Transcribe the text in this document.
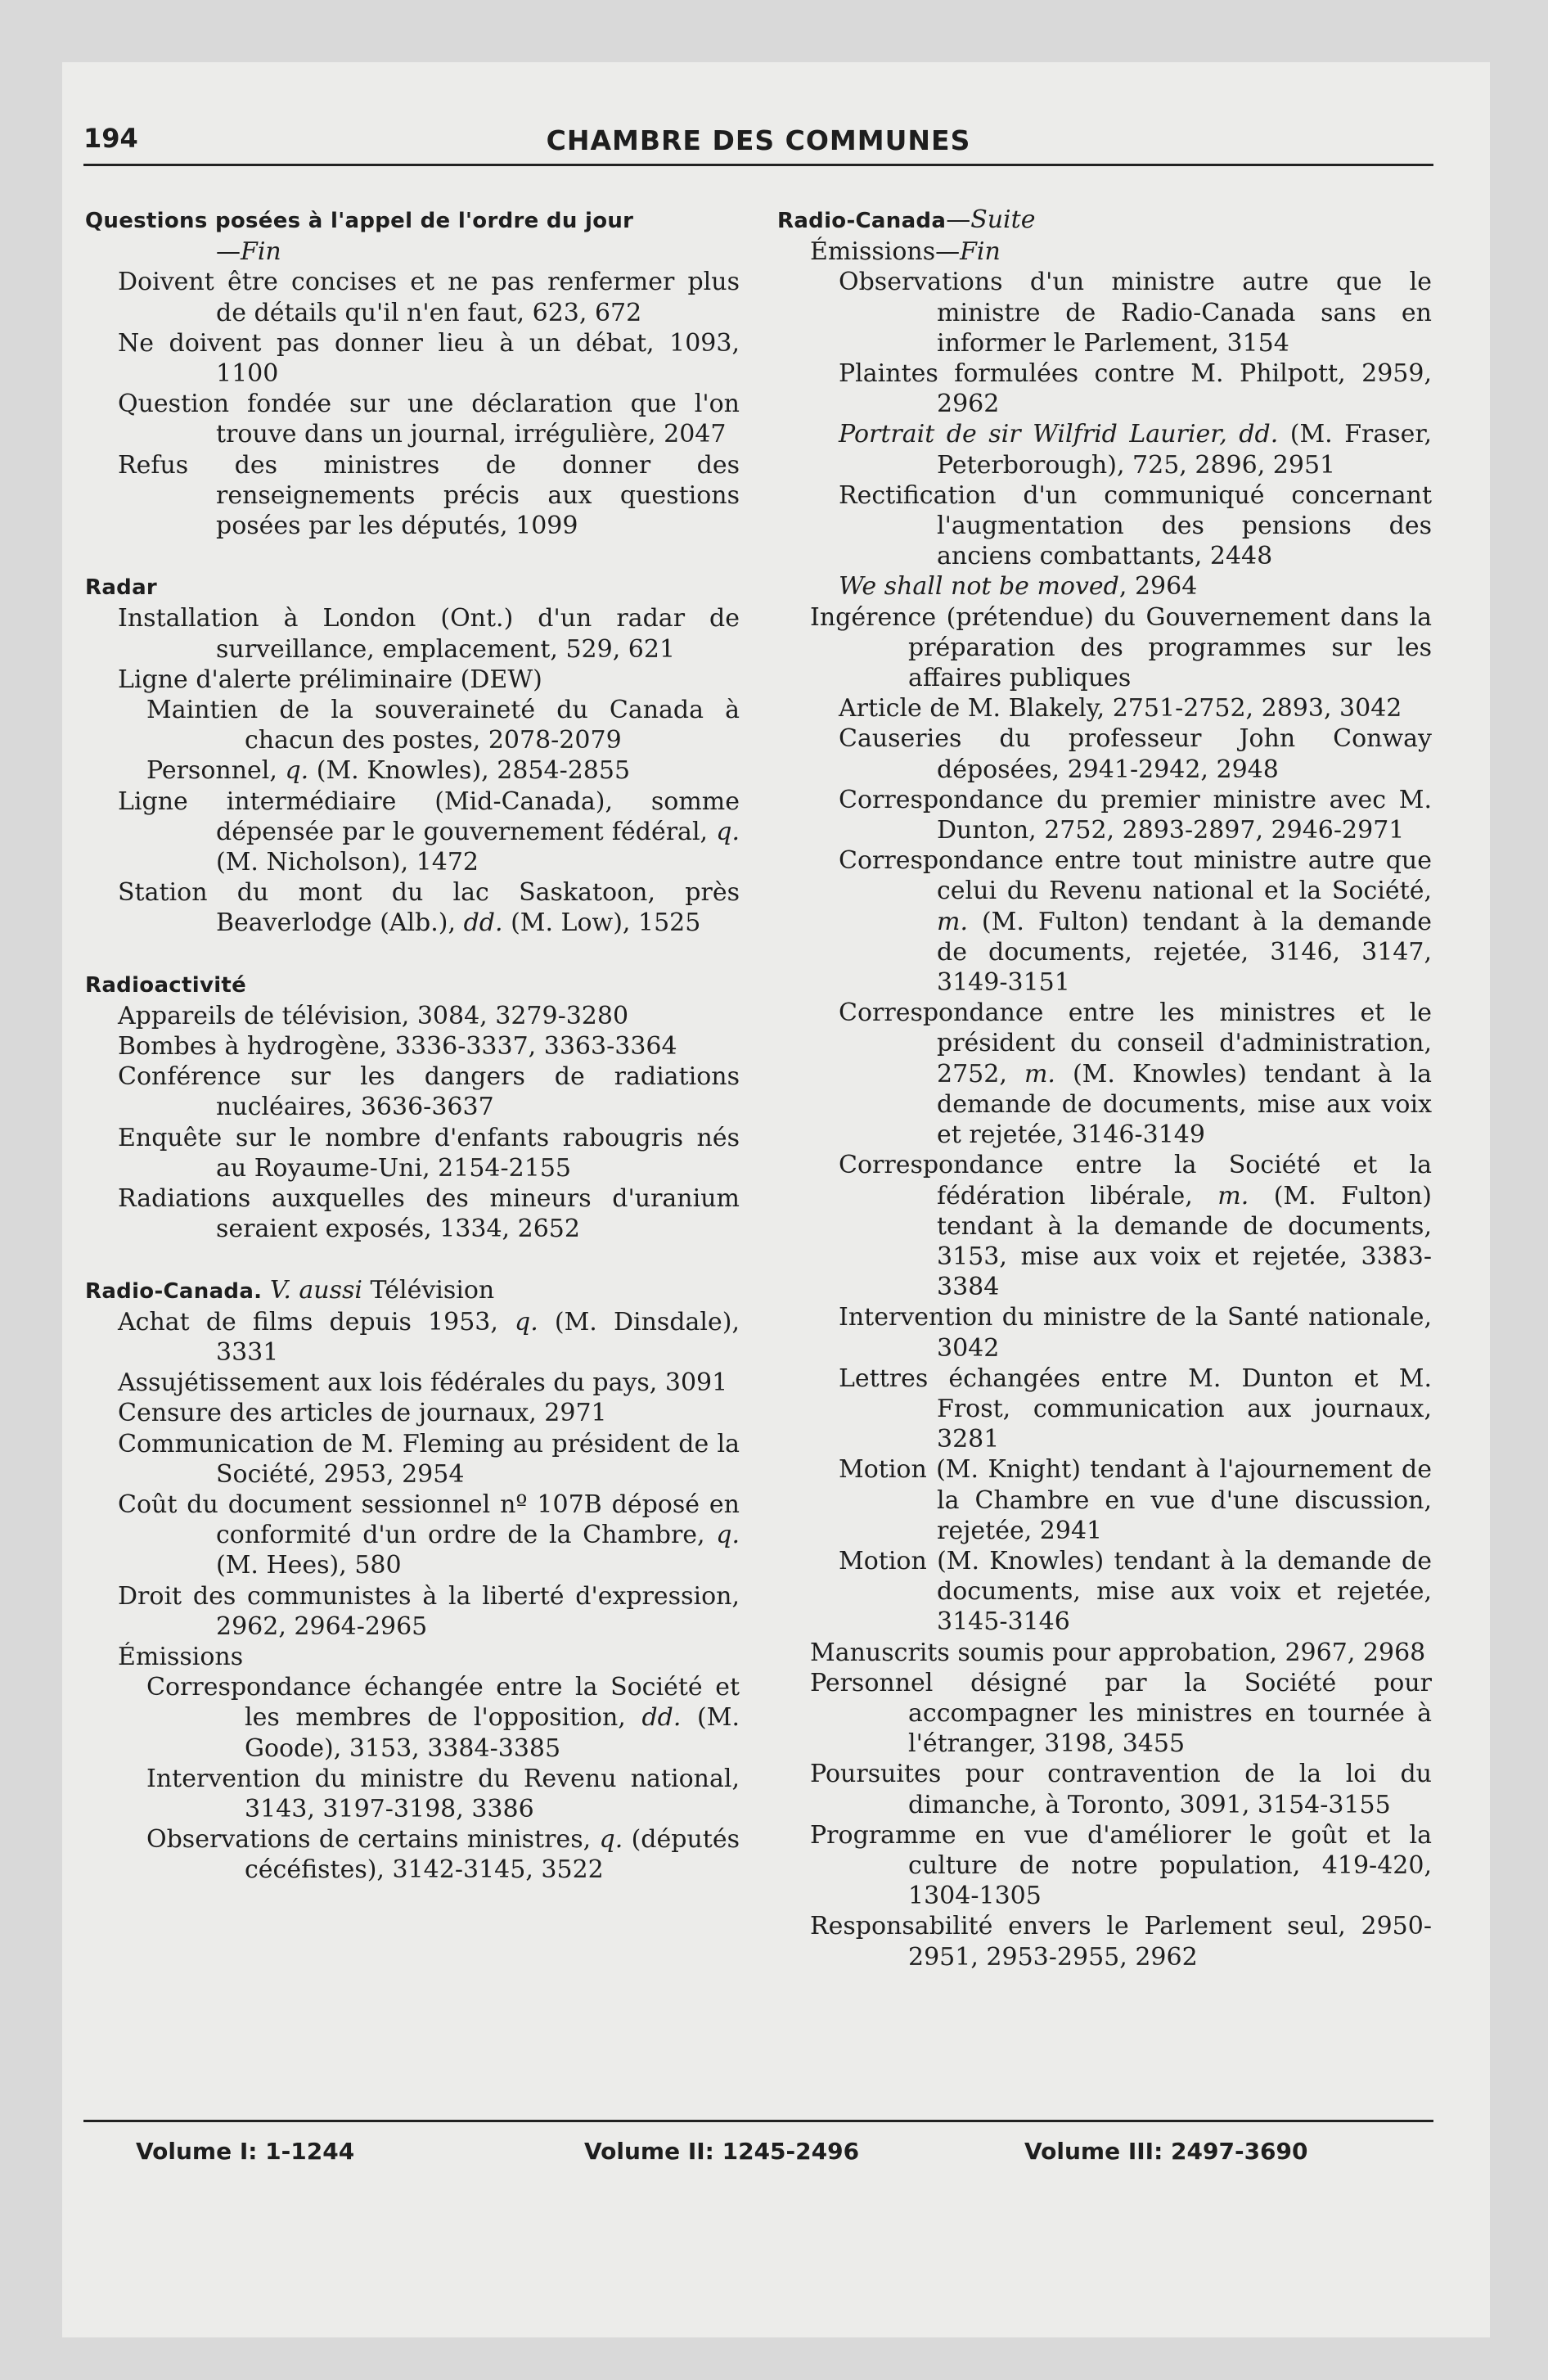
194	CHAMBRE DES COMMUNES
Questions posées à l'appel de l'ordre du jour
—Fin
Doivent être concises et ne pas renfermer plus de détails qu'il n'en faut, 623, 672
Ne doivent pas donner lieu à un débat, 1093, 1100
Question fondée sur une déclaration que l'on trouve dans un journal, irrégulière, 2047
Refus des ministres de donner des renseignements précis aux questions posées par les députés, 1099
Radar
Installation à London (Ont.) d'un radar de surveillance, emplacement, 529, 621
Ligne d'alerte préliminaire (DEW)
Maintien de la souveraineté du Canada à chacun des postes, 2078-2079
Personnel, q. (M. Knowles), 2854-2855
Ligne intermédiaire (Mid-Canada), somme dépensée par le gouvernement fédéral, q. (M. Nicholson), 1472
Station du mont du lac Saskatoon, près Beaverlodge (Alb.), dd. (M. Low), 1525
Radioactivité
Appareils de télévision, 3084, 3279-3280
Bombes à hydrogène, 3336-3337, 3363-3364
Conférence sur les dangers de radiations nucléaires, 3636-3637
Enquête sur le nombre d'enfants rabougris nés au Royaume-Uni, 2154-2155
Radiations auxquelles des mineurs d'uranium seraient exposés, 1334, 2652
Radio-Canada. V. aussi Télévision
Achat de films depuis 1953, q. (M. Dinsdale), 3331
Assujétissement aux lois fédérales du pays, 3091
Censure des articles de journaux, 2971
Communication de M. Fleming au président de la Société, 2953, 2954
Coût du document sessionnel nº 107B déposé en conformité d'un ordre de la Chambre, q. (M. Hees), 580
Droit des communistes à la liberté d'expression, 2962, 2964-2965
Émissions
Correspondance échangée entre la Société et les membres de l'opposition, dd. (M. Goode), 3153, 3384-3385
Intervention du ministre du Revenu national, 3143, 3197-3198, 3386
Observations de certains ministres, q. (députés cécéfistes), 3142-3145, 3522
Radio-Canada—Suite
Émissions—Fin
Observations d'un ministre autre que le ministre de Radio-Canada sans en informer le Parlement, 3154
Plaintes formulées contre M. Philpott, 2959, 2962
Portrait de sir Wilfrid Laurier, dd. (M. Fraser, Peterborough), 725, 2896, 2951
Rectification d'un communiqué concernant l'augmentation des pensions des anciens combattants, 2448
We shall not be moved, 2964
Ingérence (prétendue) du Gouvernement dans la préparation des programmes sur les affaires publiques
Article de M. Blakely, 2751-2752, 2893, 3042
Causeries du professeur John Conway déposées, 2941-2942, 2948
Correspondance du premier ministre avec M. Dunton, 2752, 2893-2897, 2946-2971
Correspondance entre tout ministre autre que celui du Revenu national et la Société, m. (M. Fulton) tendant à la demande de documents, rejetée, 3146, 3147, 3149-3151
Correspondance entre les ministres et le président du conseil d'administration, 2752, m. (M. Knowles) tendant à la demande de documents, mise aux voix et rejetée, 3146-3149
Correspondance entre la Société et la fédération libérale, m. (M. Fulton) tendant à la demande de documents, 3153, mise aux voix et rejetée, 3383-3384
Intervention du ministre de la Santé nationale, 3042
Lettres échangées entre M. Dunton et M. Frost, communication aux journaux, 3281
Motion (M. Knight) tendant à l'ajournement de la Chambre en vue d'une discussion, rejetée, 2941
Motion (M. Knowles) tendant à la demande de documents, mise aux voix et rejetée, 3145-3146
Manuscrits soumis pour approbation, 2967, 2968
Personnel désigné par la Société pour accompagner les ministres en tournée à l'étranger, 3198, 3455
Poursuites pour contravention de la loi du dimanche, à Toronto, 3091, 3154-3155
Programme en vue d'améliorer le goût et la culture de notre population, 419-420, 1304-1305
Responsabilité envers le Parlement seul, 2950-2951, 2953-2955, 2962
Volume I: 1-1244	Volume II: 1245-2496	Volume III: 2497-3690
